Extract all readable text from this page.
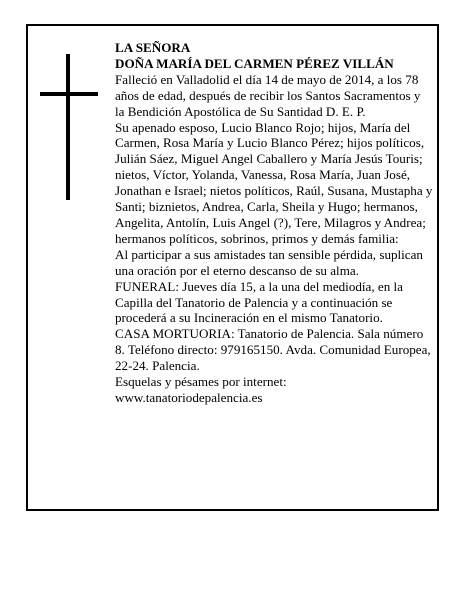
LA SEÑORA

DOÑA MARÍA DEL CARMEN PÉREZ VILLÁN

Falleció en Valladolid el día 14 de mayo de 2014, a los 78 años de edad, después de recibir los Santos Sacramentos y la Bendición Apostólica de Su Santidad D. E. P.

Su apenado esposo, Lucio Blanco Rojo; hijos, María del Carmen, Rosa María y Lucio Blanco Pérez; hijos políticos, Julián Sáez, Miguel Angel Caballero y María Jesús Touris; nietos, Víctor, Yolanda, Vanessa, Rosa María, Juan José, Jonathan e Israel; nietos políticos, Raúl, Susana, Mustapha y Santi; biznietos, Andrea, Carla, Sheila y Hugo; hermanos, Angelita, Antolín, Luis Angel (?), Tere, Milagros y Andrea; hermanos políticos, sobrinos, primos y demás familia:

Al participar a sus amistades tan sensible pérdida, suplican una oración por el eterno descanso de su alma.

FUNERAL: Jueves día 15, a la una del mediodía, en la Capilla del Tanatorio de Palencia y a continuación se procederá a su Incineración en el mismo Tanatorio.

CASA MORTUORIA: Tanatorio de Palencia. Sala número 8. Teléfono directo: 979165150. Avda. Comunidad Europea, 22-24. Palencia.

Esquelas y pésames por internet: www.tanatoriodepalencia.es
